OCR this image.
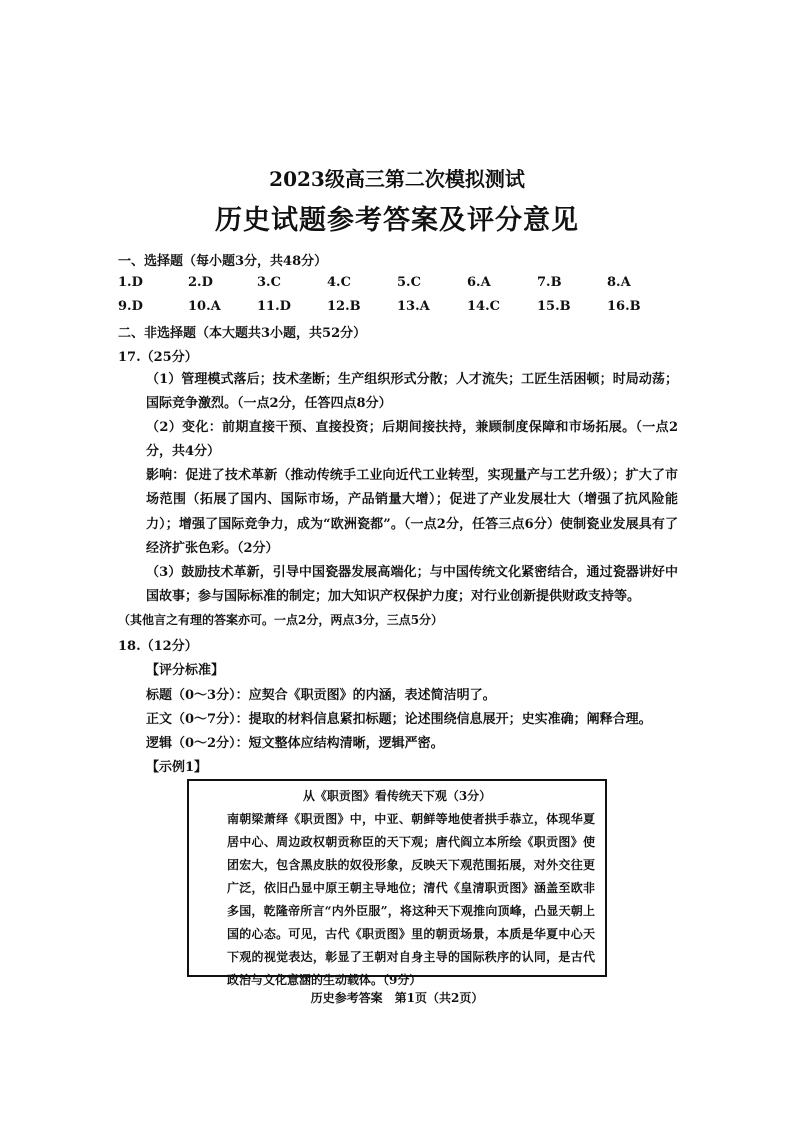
2023级高三第二次模拟测试
历史试题参考答案及评分意见
一、选择题（每小题3分，共48分）
1.D	2.D	3.C	4.C	5.C	6.A	7.B	8.A
9.D	10.A	11.D	12.B	13.A	14.C	15.B	16.B
二、非选择题（本大题共3小题，共52分）
17.（25分）
（1）管理模式落后；技术垄断；生产组织形式分散；人才流失；工匠生活困顿；时局动荡；国际竞争激烈。（一点2分，任答四点8分）
（2）变化：前期直接干预、直接投资；后期间接扶持，兼顾制度保障和市场拓展。（一点2分，共4分）
影响：促进了技术革新（推动传统手工业向近代工业转型，实现量产与工艺升级）；扩大了市场范围（拓展了国内、国际市场，产品销量大增）；促进了产业发展壮大（增强了抗风险能力）；增强了国际竞争力，成为“欧洲瓷都”。（一点2分，任答三点6分）使制瓷业发展具有了经济扩张色彩。（2分）
（3）鼓励技术革新，引导中国瓷器发展高端化；与中国传统文化紧密结合，通过瓷器讲好中国故事；参与国际标准的制定；加大知识产权保护力度；对行业创新提供财政支持等。
（其他言之有理的答案亦可。一点2分，两点3分，三点5分）
18.（12分）
【评分标准】
标题（0～3分）：应契合《职贡图》的内涵，表述简洁明了。
正文（0～7分）：提取的材料信息紧扣标题；论述围绕信息展开；史实准确；阐释合理。
逻辑（0～2分）：短文整体应结构清晰，逻辑严密。
【示例1】
从《职贡图》看传统天下观（3分）
南朝梁萧绎《职贡图》中，中亚、朝鲜等地使者拱手恭立，体现华夏居中心、周边政权朝贡称臣的天下观；唐代阎立本所绘《职贡图》使团宏大，包含黑皮肤的奴役形象，反映天下观范围拓展，对外交往更广泛，依旧凸显中原王朝主导地位；清代《皇清职贡图》涵盖至欧非多国，乾隆帝所言“内外臣服”，将这种天下观推向顶峰，凸显天朝上国的心态。可见，古代《职贡图》里的朝贡场景，本质是华夏中心天下观的视觉表达，彰显了王朝对自身主导的国际秩序的认同，是古代政治与文化意涵的生动载体。（9分）
历史参考答案　第1页（共2页）
